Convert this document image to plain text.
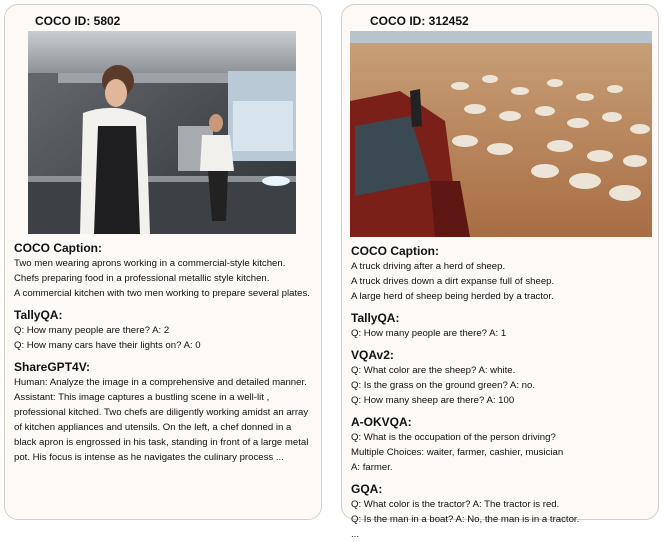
COCO ID: 5802
COCO Caption:
Two men wearing aprons working in a commercial-style kitchen.
Chefs preparing food in a professional metallic style kitchen.
A commercial kitchen with two men working to prepare several plates.
TallyQA:
Q: How many people are there? A: 2
Q: How many cars have their lights on? A: 0
ShareGPT4V:
Human: Analyze the image in a comprehensive and detailed manner.
Assistant: This image captures a bustling scene in a well-lit , professional kitched. Two chefs are diligently working amidst an array of kitchen appliances and utensils. On the left, a chef donned in a black apron is engrossed in his task, standing in front of a large metal pot. His focus is intense as he navigates the culinary process ...
COCO ID: 312452
COCO Caption:
A truck driving after a herd of sheep.
A truck drives down a dirt expanse full of sheep.
A large herd of sheep being herded by a tractor.
TallyQA:
Q: How many people are there? A: 1
VQAv2:
Q: What color are the sheep? A: white.
Q: Is the grass on the ground green? A: no.
Q: How many sheep are there? A: 100
A-OKVQA:
Q: What is the occupation of the person driving?
Multiple Choices: waiter, farmer, cashier, musician
A: farmer.
GQA:
Q: What color is the tractor? A: The tractor is red.
Q: Is the man in a boat? A: No, the man is in a tractor.
...
